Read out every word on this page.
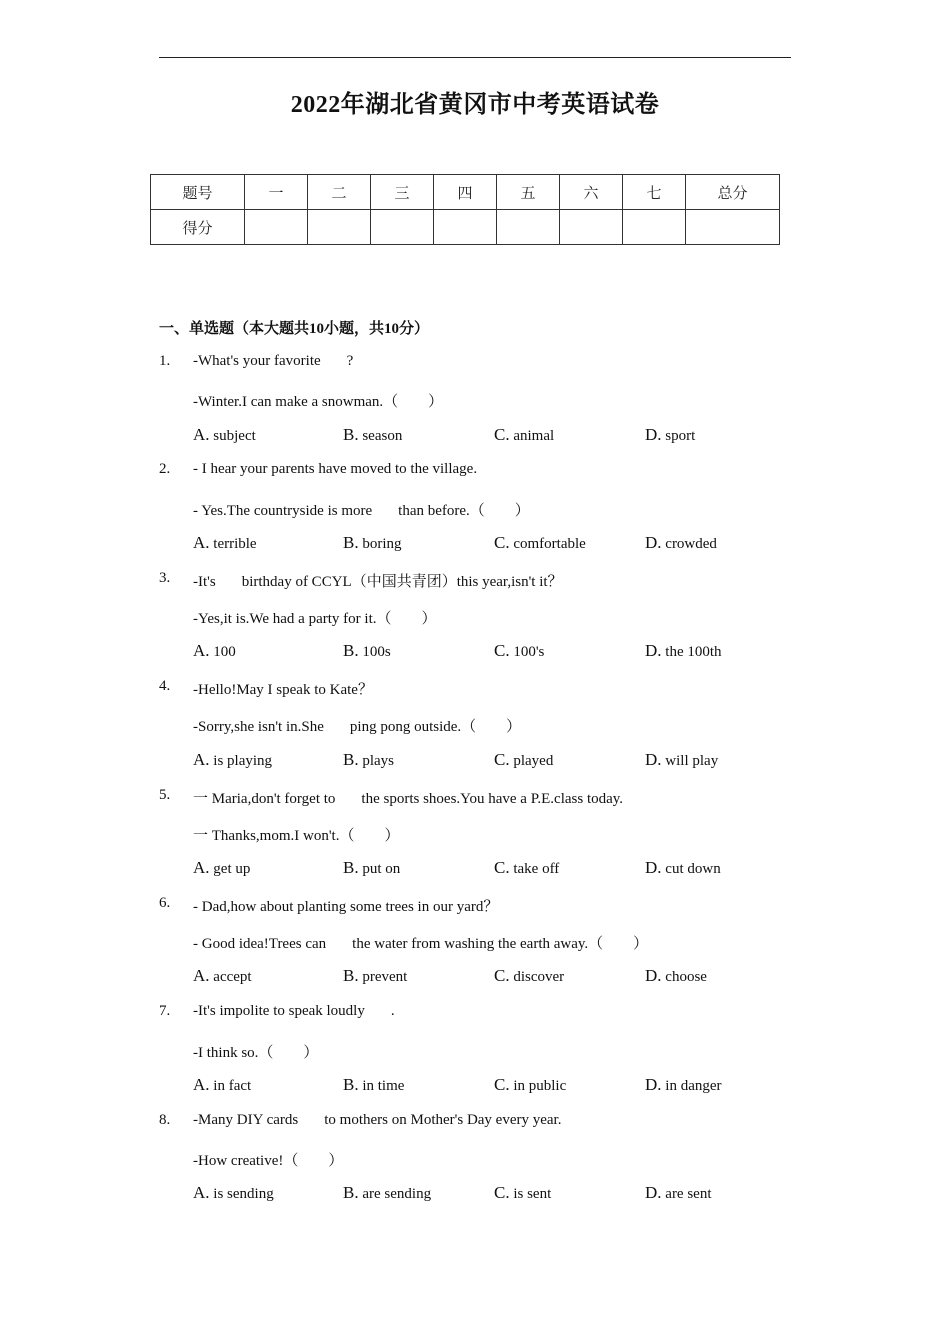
2022年湖北省黄冈市中考英语试卷
题号	一	二	三	四	五	六	七	总分
得分								
一、单选题（本大题共10小题，共10分）
1. -What's your favorite ?
-Winter.I can make a snowman.（　　）
A. subject	B. season	C. animal	D. sport
2. - I hear your parents have moved to the village.
- Yes.The countryside is more than before.（　　）
A. terrible	B. boring	C. comfortable	D. crowded
3. -It's birthday of CCYL（中国共青团）this year,isn't it？
-Yes,it is.We had a party for it.（　　）
A. 100	B. 100s	C. 100's	D. the 100th
4. -Hello!May I speak to Kate？
-Sorry,she isn't in.She ping pong outside.（　　）
A. is playing	B. plays	C. played	D. will play
5. 一 Maria,don't forget to the sports shoes.You have a P.E.class today.
一 Thanks,mom.I won't.（　　）
A. get up	B. put on	C. take off	D. cut down
6. - Dad,how about planting some trees in our yard？
- Good idea!Trees can the water from washing the earth away.（　　）
A. accept	B. prevent	C. discover	D. choose
7. -It's impolite to speak loudly .
-I think so.（　　）
A. in fact	B. in time	C. in public	D. in danger
8. -Many DIY cards to mothers on Mother's Day every year.
-How creative!（　　）
A. is sending	B. are sending	C. is sent	D. are sent
